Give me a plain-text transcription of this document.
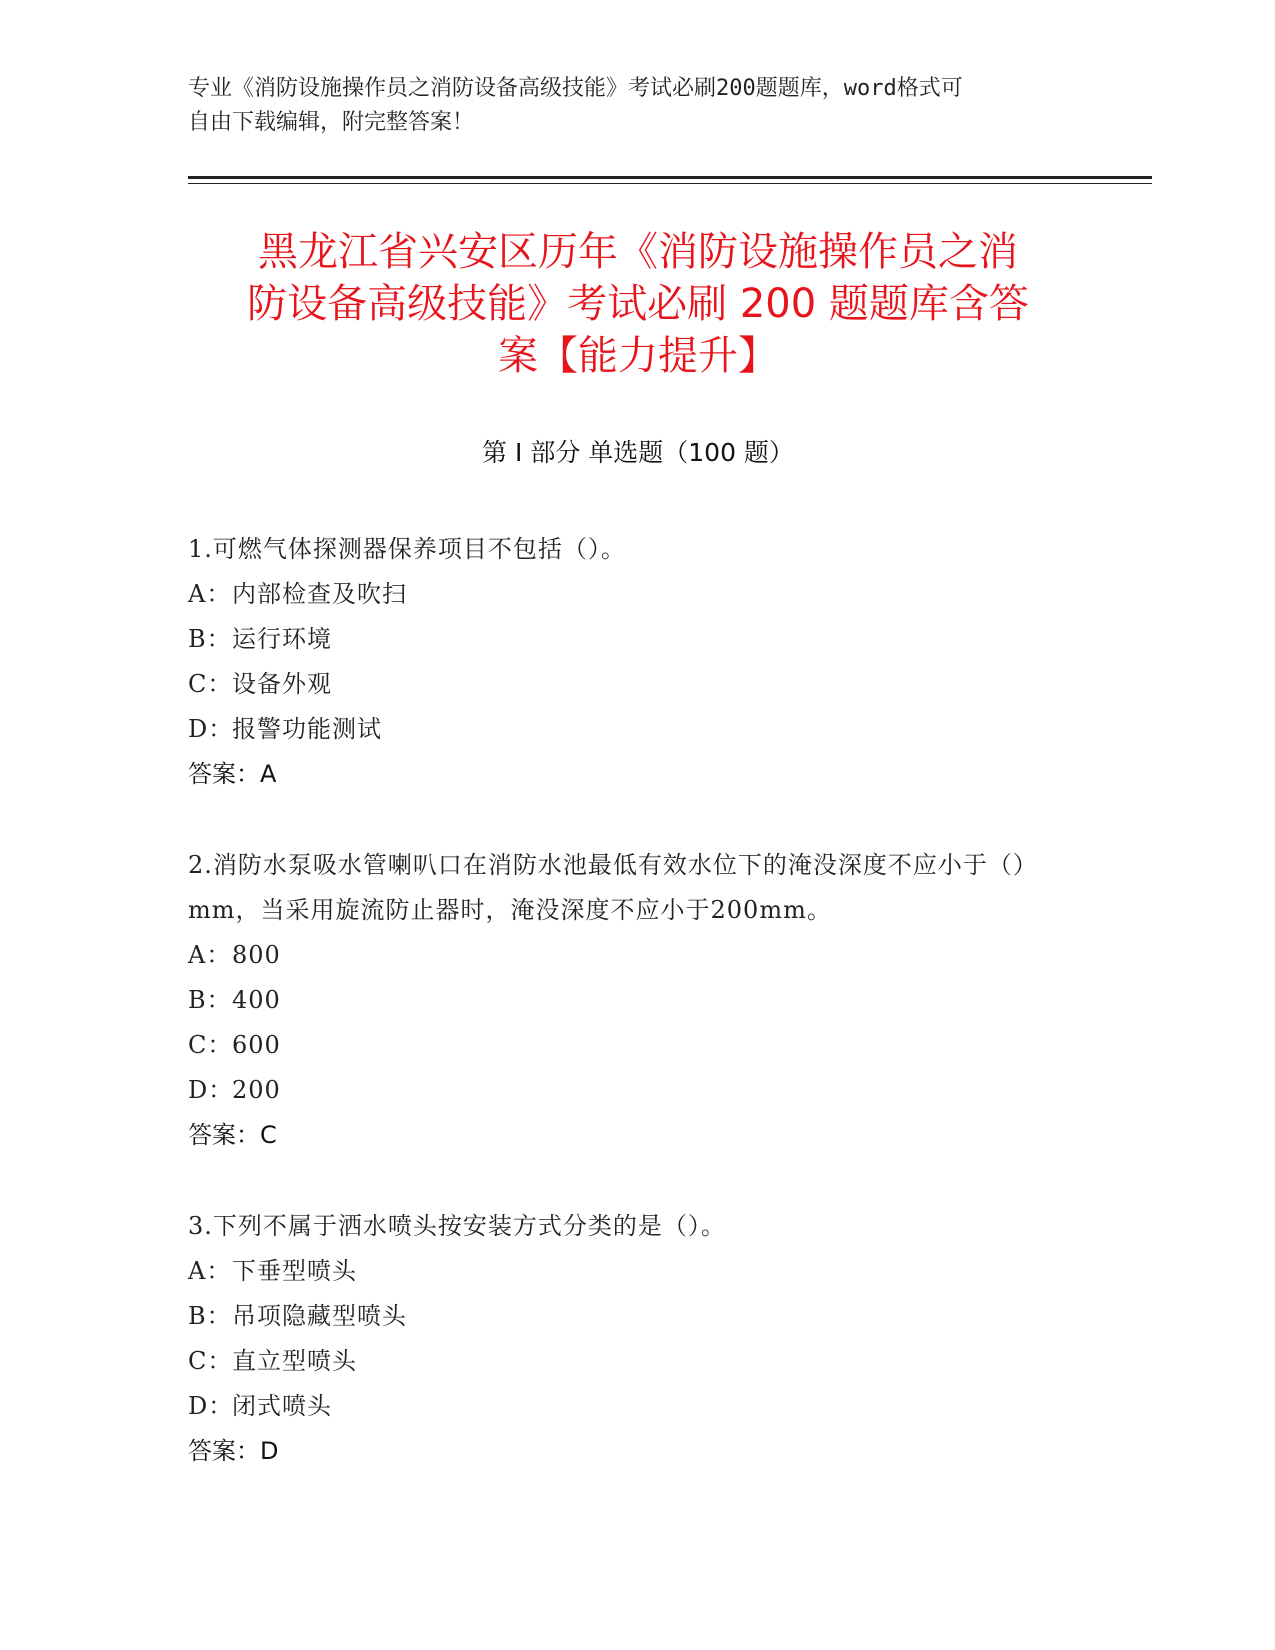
专业《消防设施操作员之消防设备高级技能》考试必刷200题题库，word格式可
自由下载编辑，附完整答案！
黑龙江省兴安区历年《消防设施操作员之消
防设备高级技能》考试必刷 200 题题库含答
案【能力提升】
第 I 部分 单选题（100 题）
1.可燃气体探测器保养项目不包括（）。
A：内部检查及吹扫
B：运行环境
C：设备外观
D：报警功能测试
答案：A
2.消防水泵吸水管喇叭口在消防水池最低有效水位下的淹没深度不应小于（）mm，当采用旋流防止器时，淹没深度不应小于200mm。
A：800
B：400
C：600
D：200
答案：C
3.下列不属于洒水喷头按安装方式分类的是（）。
A：下垂型喷头
B：吊项隐藏型喷头
C：直立型喷头
D：闭式喷头
答案：D
